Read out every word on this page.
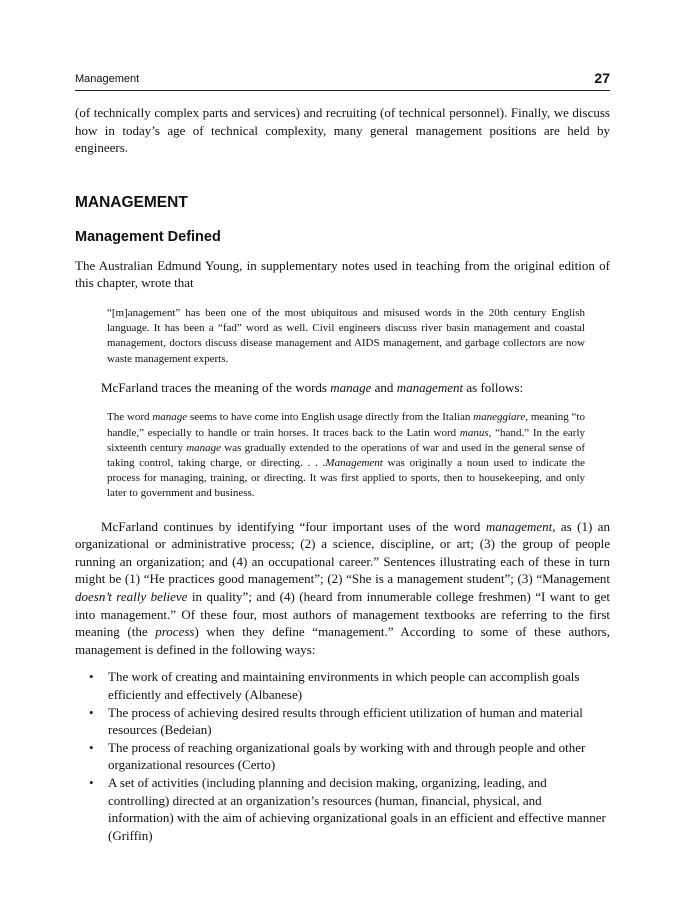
Management	27

(of technically complex parts and services) and recruiting (of technical personnel). Finally, we discuss how in today’s age of technical complexity, many general management positions are held by engineers.

MANAGEMENT
Management Defined

The Australian Edmund Young, in supplementary notes used in teaching from the original edition of this chapter, wrote that

“[m]anagement” has been one of the most ubiquitous and misused words in the 20th century English language. It has been a “fad” word as well. Civil engineers discuss river basin management and coastal management, doctors discuss disease management and AIDS management, and garbage collectors are now waste management experts.

McFarland traces the meaning of the words manage and management as follows:

The word manage seems to have come into English usage directly from the Italian maneggiare, meaning “to handle,” especially to handle or train horses. It traces back to the Latin word manus, “hand.” In the early sixteenth century manage was gradually extended to the operations of war and used in the general sense of taking control, taking charge, or directing. . . .Management was originally a noun used to indicate the process for managing, training, or directing. It was first applied to sports, then to housekeeping, and only later to government and business.

McFarland continues by identifying “four important uses of the word management, as (1) an organizational or administrative process; (2) a science, discipline, or art; (3) the group of people running an organization; and (4) an occupational career.” Sentences illustrating each of these in turn might be (1) “He practices good management”; (2) “She is a management student”; (3) “Management doesn’t really believe in quality”; and (4) (heard from innumerable college freshmen) “I want to get into management.” Of these four, most authors of management textbooks are referring to the first meaning (the process) when they define “management.” According to some of these authors, management is defined in the following ways:

• The work of creating and maintaining environments in which people can accomplish goals efficiently and effectively (Albanese)
• The process of achieving desired results through efficient utilization of human and material resources (Bedeian)
• The process of reaching organizational goals by working with and through people and other organizational resources (Certo)
• A set of activities (including planning and decision making, organizing, leading, and controlling) directed at an organization’s resources (human, financial, physical, and information) with the aim of achieving organizational goals in an efficient and effective manner (Griffin)
